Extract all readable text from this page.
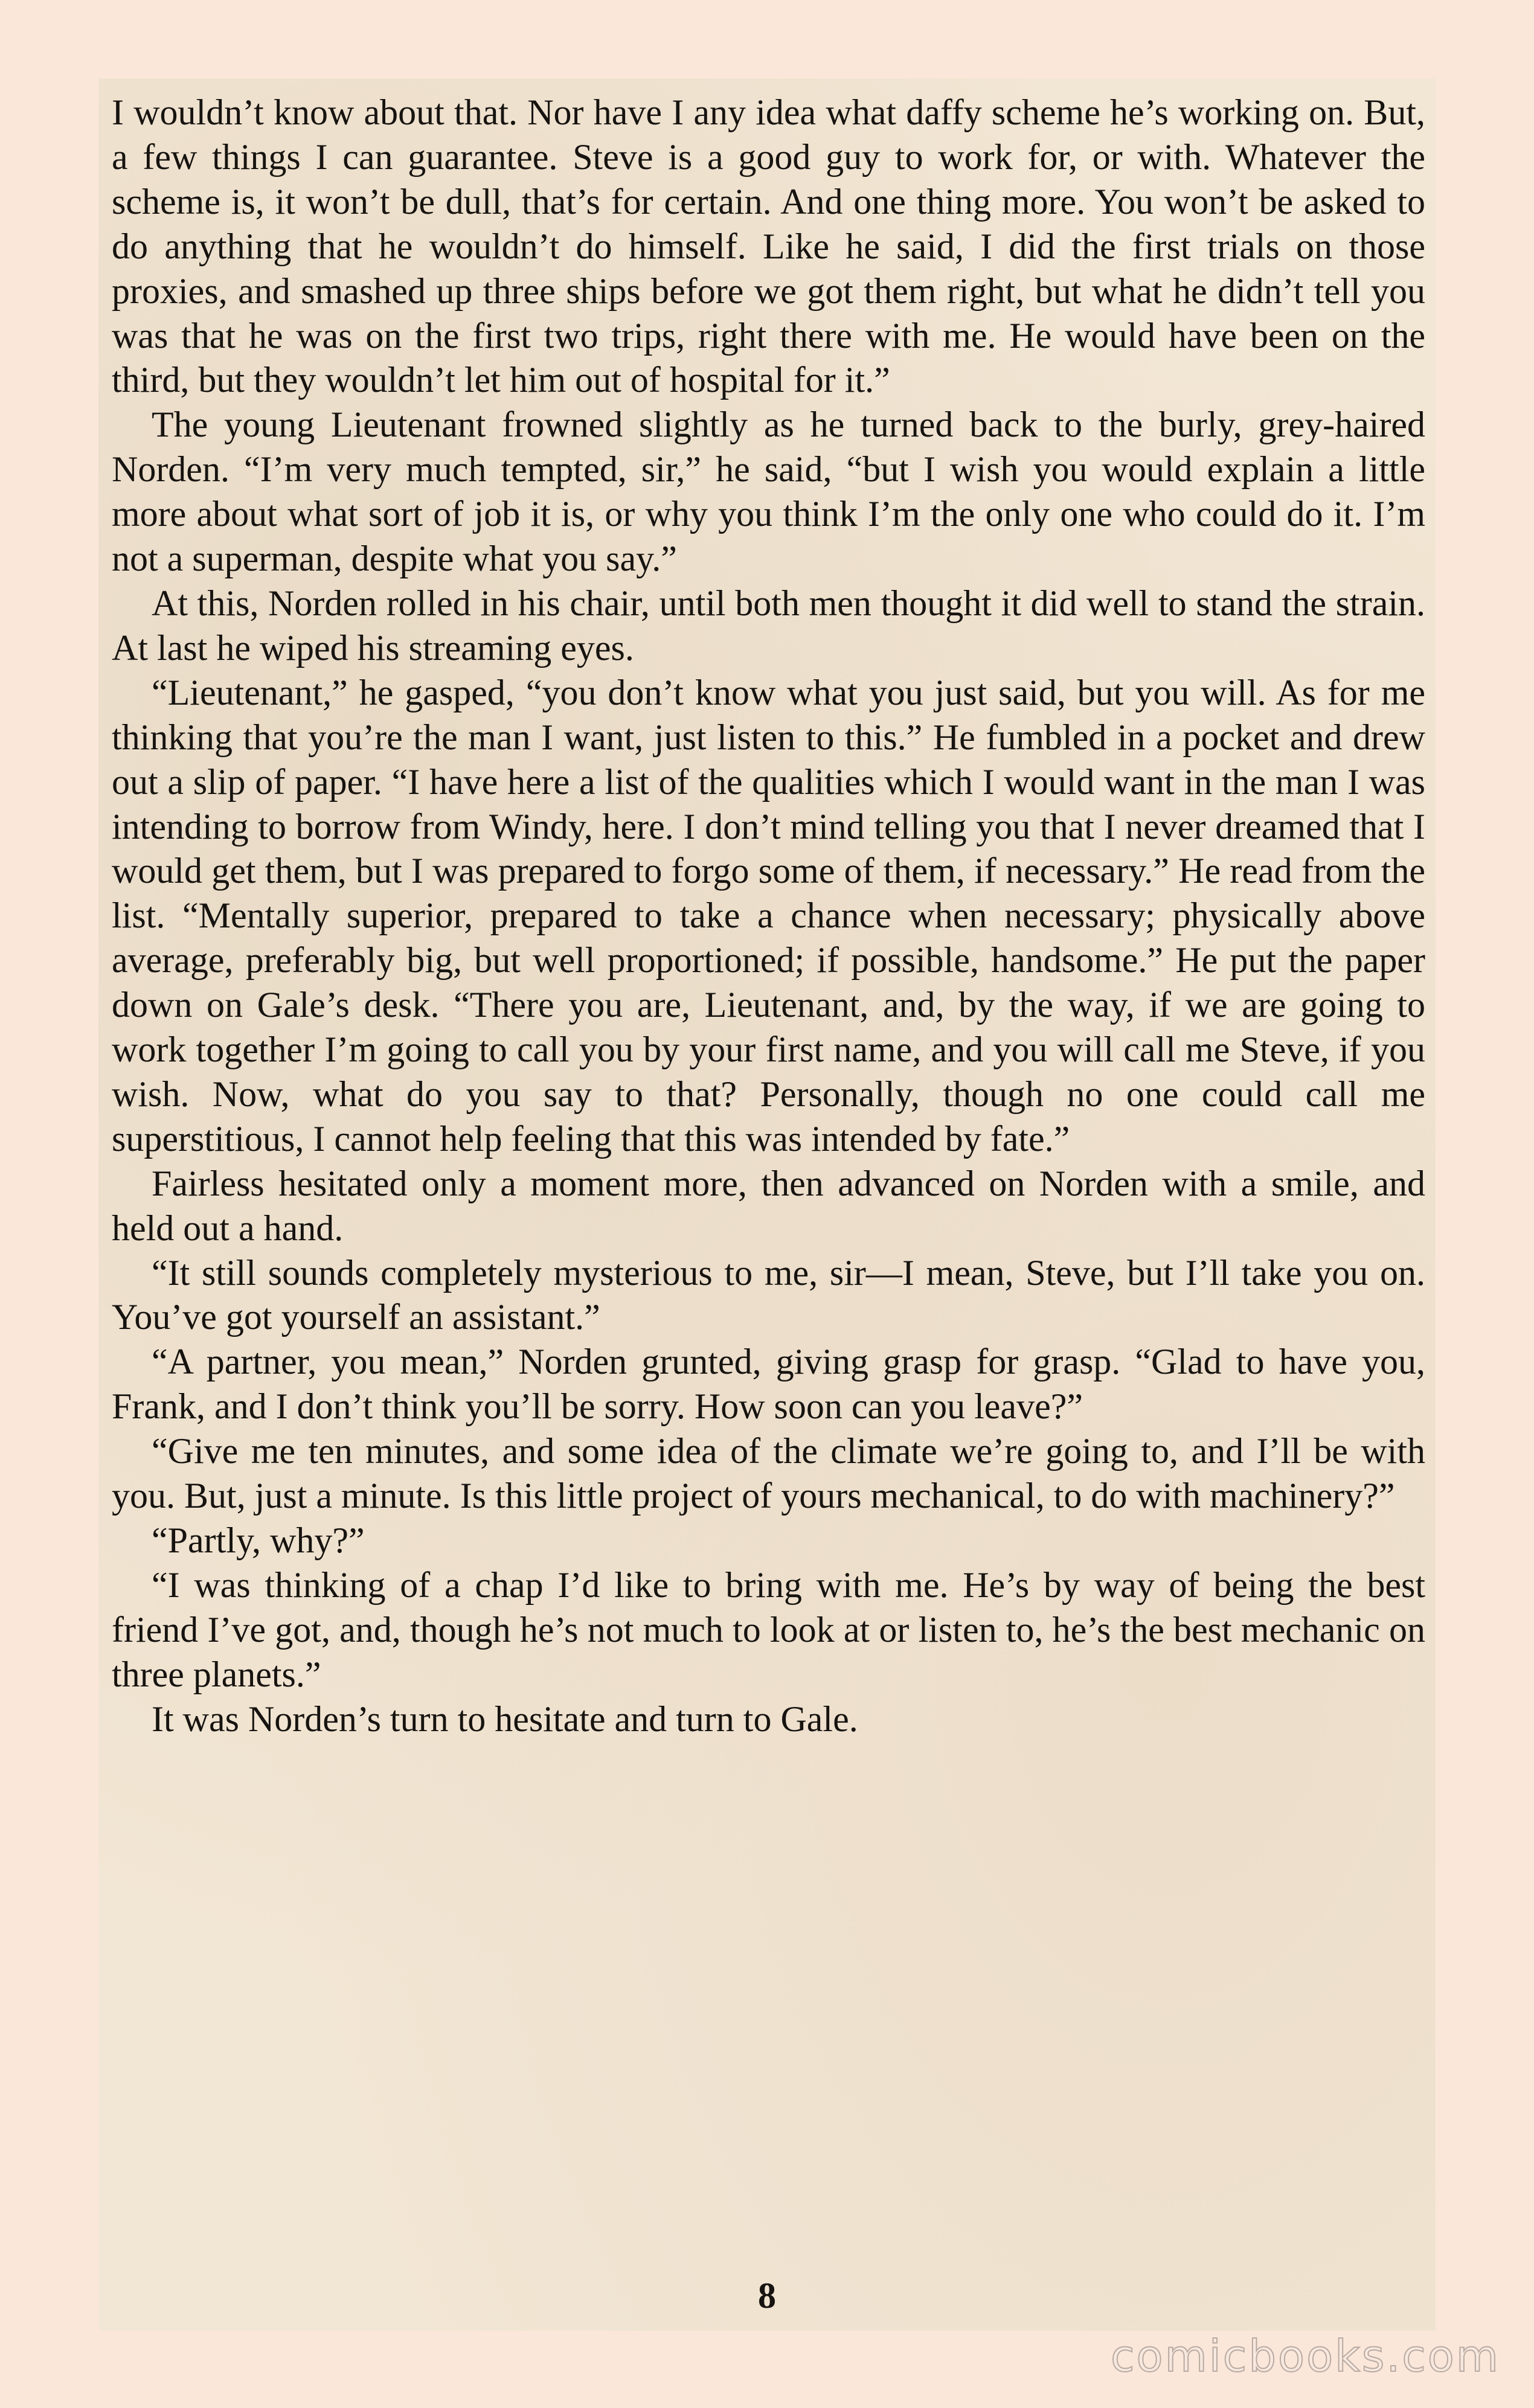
I wouldn’t know about that. Nor have I any idea what daffy scheme he’s working on. But, a few things I can guarantee. Steve is a good guy to work for, or with. Whatever the scheme is, it won’t be dull, that’s for certain. And one thing more. You won’t be asked to do anything that he wouldn’t do himself. Like he said, I did the first trials on those proxies, and smashed up three ships before we got them right, but what he didn’t tell you was that he was on the first two trips, right there with me. He would have been on the third, but they wouldn’t let him out of hospital for it.”

The young Lieutenant frowned slightly as he turned back to the burly, grey-haired Norden. “I’m very much tempted, sir,” he said, “but I wish you would explain a little more about what sort of job it is, or why you think I’m the only one who could do it. I’m not a superman, despite what you say.”

At this, Norden rolled in his chair, until both men thought it did well to stand the strain. At last he wiped his streaming eyes.

“Lieutenant,” he gasped, “you don’t know what you just said, but you will. As for me thinking that you’re the man I want, just listen to this.” He fumbled in a pocket and drew out a slip of paper. “I have here a list of the qualities which I would want in the man I was intending to borrow from Windy, here. I don’t mind telling you that I never dreamed that I would get them, but I was prepared to forgo some of them, if necessary.” He read from the list. “Mentally superior, prepared to take a chance when necessary; physically above average, preferably big, but well proportioned; if possible, handsome.” He put the paper down on Gale’s desk. “There you are, Lieutenant, and, by the way, if we are going to work together I’m going to call you by your first name, and you will call me Steve, if you wish. Now, what do you say to that? Personally, though no one could call me superstitious, I cannot help feeling that this was intended by fate.”

Fairless hesitated only a moment more, then advanced on Norden with a smile, and held out a hand.

“It still sounds completely mysterious to me, sir—I mean, Steve, but I’ll take you on. You’ve got yourself an assistant.”

“A partner, you mean,” Norden grunted, giving grasp for grasp. “Glad to have you, Frank, and I don’t think you’ll be sorry. How soon can you leave?”

“Give me ten minutes, and some idea of the climate we’re going to, and I’ll be with you. But, just a minute. Is this little project of yours mechanical, to do with machinery?”

“Partly, why?”

“I was thinking of a chap I’d like to bring with me. He’s by way of being the best friend I’ve got, and, though he’s not much to look at or listen to, he’s the best mechanic on three planets.”

It was Norden’s turn to hesitate and turn to Gale.

8
comicbooks.com
